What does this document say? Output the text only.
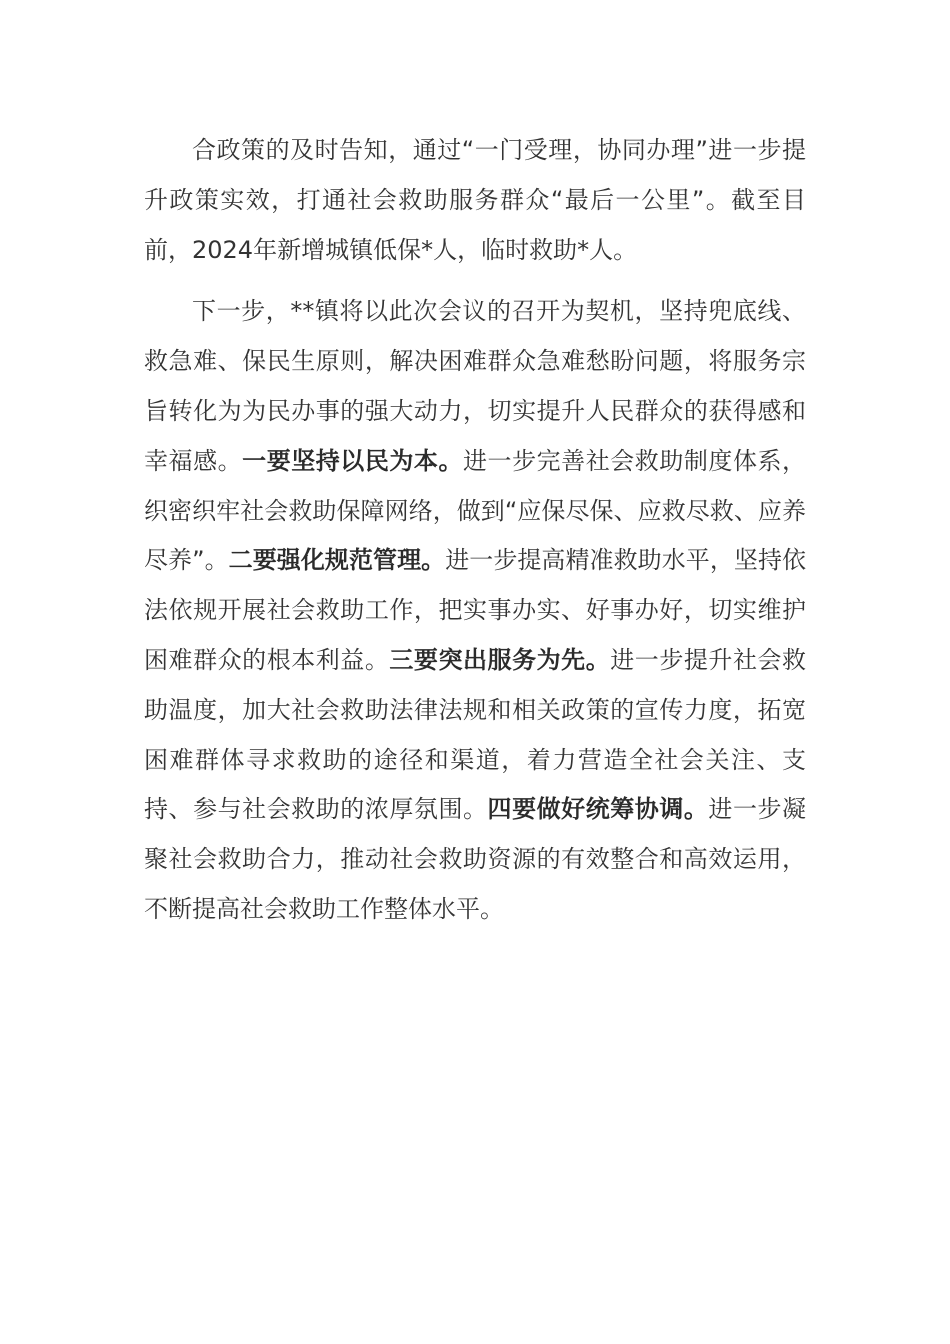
合政策的及时告知，通过“一门受理，协同办理”进一步提升政策实效，打通社会救助服务群众“最后一公里”。截至目前，2024年新增城镇低保*人，临时救助*人。

下一步，**镇将以此次会议的召开为契机，坚持兜底线、救急难、保民生原则，解决困难群众急难愁盼问题，将服务宗旨转化为为民办事的强大动力，切实提升人民群众的获得感和幸福感。一要坚持以民为本。进一步完善社会救助制度体系，织密织牢社会救助保障网络，做到“应保尽保、应救尽救、应养尽养”。二要强化规范管理。进一步提高精准救助水平，坚持依法依规开展社会救助工作，把实事办实、好事办好，切实维护困难群众的根本利益。三要突出服务为先。进一步提升社会救助温度，加大社会救助法律法规和相关政策的宣传力度，拓宽困难群体寻求救助的途径和渠道，着力营造全社会关注、支持、参与社会救助的浓厚氛围。四要做好统筹协调。进一步凝聚社会救助合力，推动社会救助资源的有效整合和高效运用，不断提高社会救助工作整体水平。
